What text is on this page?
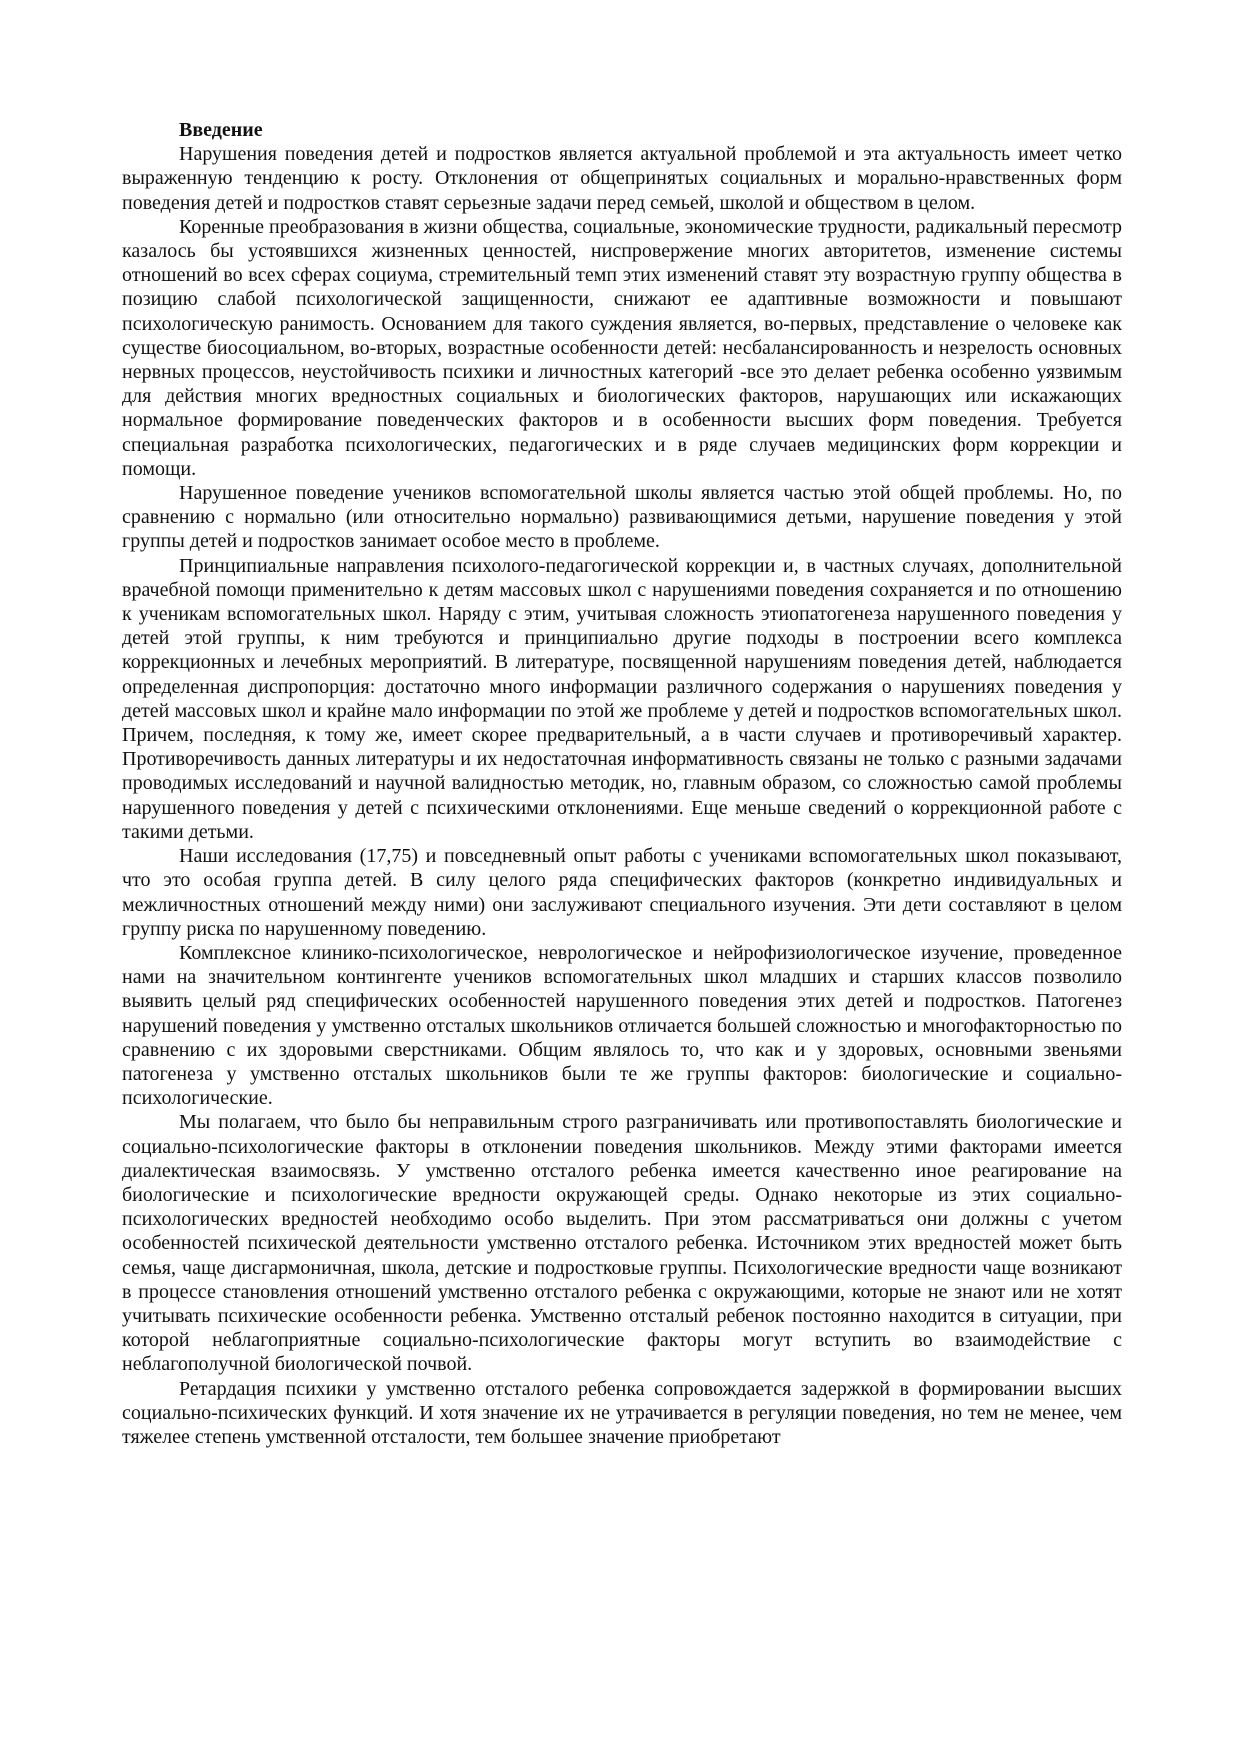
Введение

Нарушения поведения детей и подростков является актуальной проблемой и эта актуальность имеет четко выраженную тенденцию к росту. Отклонения от общепринятых социальных и морально-нравственных форм поведения детей и подростков ставят серьезные задачи перед семьей, школой и обществом в целом.

Коренные преобразования в жизни общества, социальные, экономические трудности, радикальный пересмотр казалось бы устоявшихся жизненных ценностей, ниспровержение многих авторитетов, изменение системы отношений во всех сферах социума, стремительный темп этих изменений ставят эту возрастную группу общества в позицию слабой психологической защищенности, снижают ее адаптивные возможности и повышают психологическую ранимость. Основанием для такого суждения является, во-первых, представление о человеке как существе биосоциальном, во-вторых, возрастные особенности детей: несбалансированность и незрелость основных нервных процессов, неустойчивость психики и личностных категорий -все это делает ребенка особенно уязвимым для действия многих вредностных социальных и биологических факторов, нарушающих или искажающих нормальное формирование поведенческих факторов и в особенности высших форм поведения. Требуется специальная разработка психологических, педагогических и в ряде случаев медицинских форм коррекции и помощи.

Нарушенное поведение учеников вспомогательной школы является частью этой общей проблемы. Но, по сравнению с нормально (или относительно нормально) развивающимися детьми, нарушение поведения у этой группы детей и подростков занимает особое место в проблеме.

Принципиальные направления психолого-педагогической коррекции и, в частных случаях, дополнительной врачебной помощи применительно к детям массовых школ с нарушениями поведения сохраняется и по отношению к ученикам вспомогательных школ. Наряду с этим, учитывая сложность этиопатогенеза нарушенного поведения у детей этой группы, к ним требуются и принципиально другие подходы в построении всего комплекса коррекционных и лечебных мероприятий. В литературе, посвященной нарушениям поведения детей, наблюдается определенная диспропорция: достаточно много информации различного содержания о нарушениях поведения у детей массовых школ и крайне мало информации по этой же проблеме у детей и подростков вспомогательных школ. Причем, последняя, к тому же, имеет скорее предварительный, а в части случаев и противоречивый характер. Противоречивость данных литературы и их недостаточная информативность связаны не только с разными задачами проводимых исследований и научной валидностью методик, но, главным образом, со сложностью самой проблемы нарушенного поведения у детей с психическими отклонениями. Еще меньше сведений о коррекционной работе с такими детьми.

Наши исследования (17,75) и повседневный опыт работы с учениками вспомогательных школ показывают, что это особая группа детей. В силу целого ряда специфических факторов (конкретно индивидуальных и межличностных отношений между ними) они заслуживают специального изучения. Эти дети составляют в целом группу риска по нарушенному поведению.

Комплексное клинико-психологическое, неврологическое и нейрофизиологическое изучение, проведенное нами на значительном контингенте учеников вспомогательных школ младших и старших классов позволило выявить целый ряд специфических особенностей нарушенного поведения этих детей и подростков. Патогенез нарушений поведения у умственно отсталых школьников отличается большей сложностью и многофакторностью по сравнению с их здоровыми сверстниками. Общим являлось то, что как и у здоровых, основными звеньями патогенеза у умственно отсталых школьников были те же группы факторов: биологические и социально-психологические.

Мы полагаем, что было бы неправильным строго разграничивать или противопоставлять биологические и социально-психологические факторы в отклонении поведения школьников. Между этими факторами имеется диалектическая взаимосвязь. У умственно отсталого ребенка имеется качественно иное реагирование на биологические и психологические вредности окружающей среды. Однако некоторые из этих социально-психологических вредностей необходимо особо выделить. При этом рассматриваться они должны с учетом особенностей психической деятельности умственно отсталого ребенка. Источником этих вредностей может быть семья, чаще дисгармоничная, школа, детские и подростковые группы. Психологические вредности чаще возникают в процессе становления отношений умственно отсталого ребенка с окружающими, которые не знают или не хотят учитывать психические особенности ребенка. Умственно отсталый ребенок постоянно находится в ситуации, при которой неблагоприятные социально-психологические факторы могут вступить во взаимодействие с неблагополучной биологической почвой.

Ретардация психики у умственно отсталого ребенка сопровождается задержкой в формировании высших социально-психических функций. И хотя значение их не утрачивается в регуляции поведения, но тем не менее, чем тяжелее степень умственной отсталости, тем большее значение приобретают
